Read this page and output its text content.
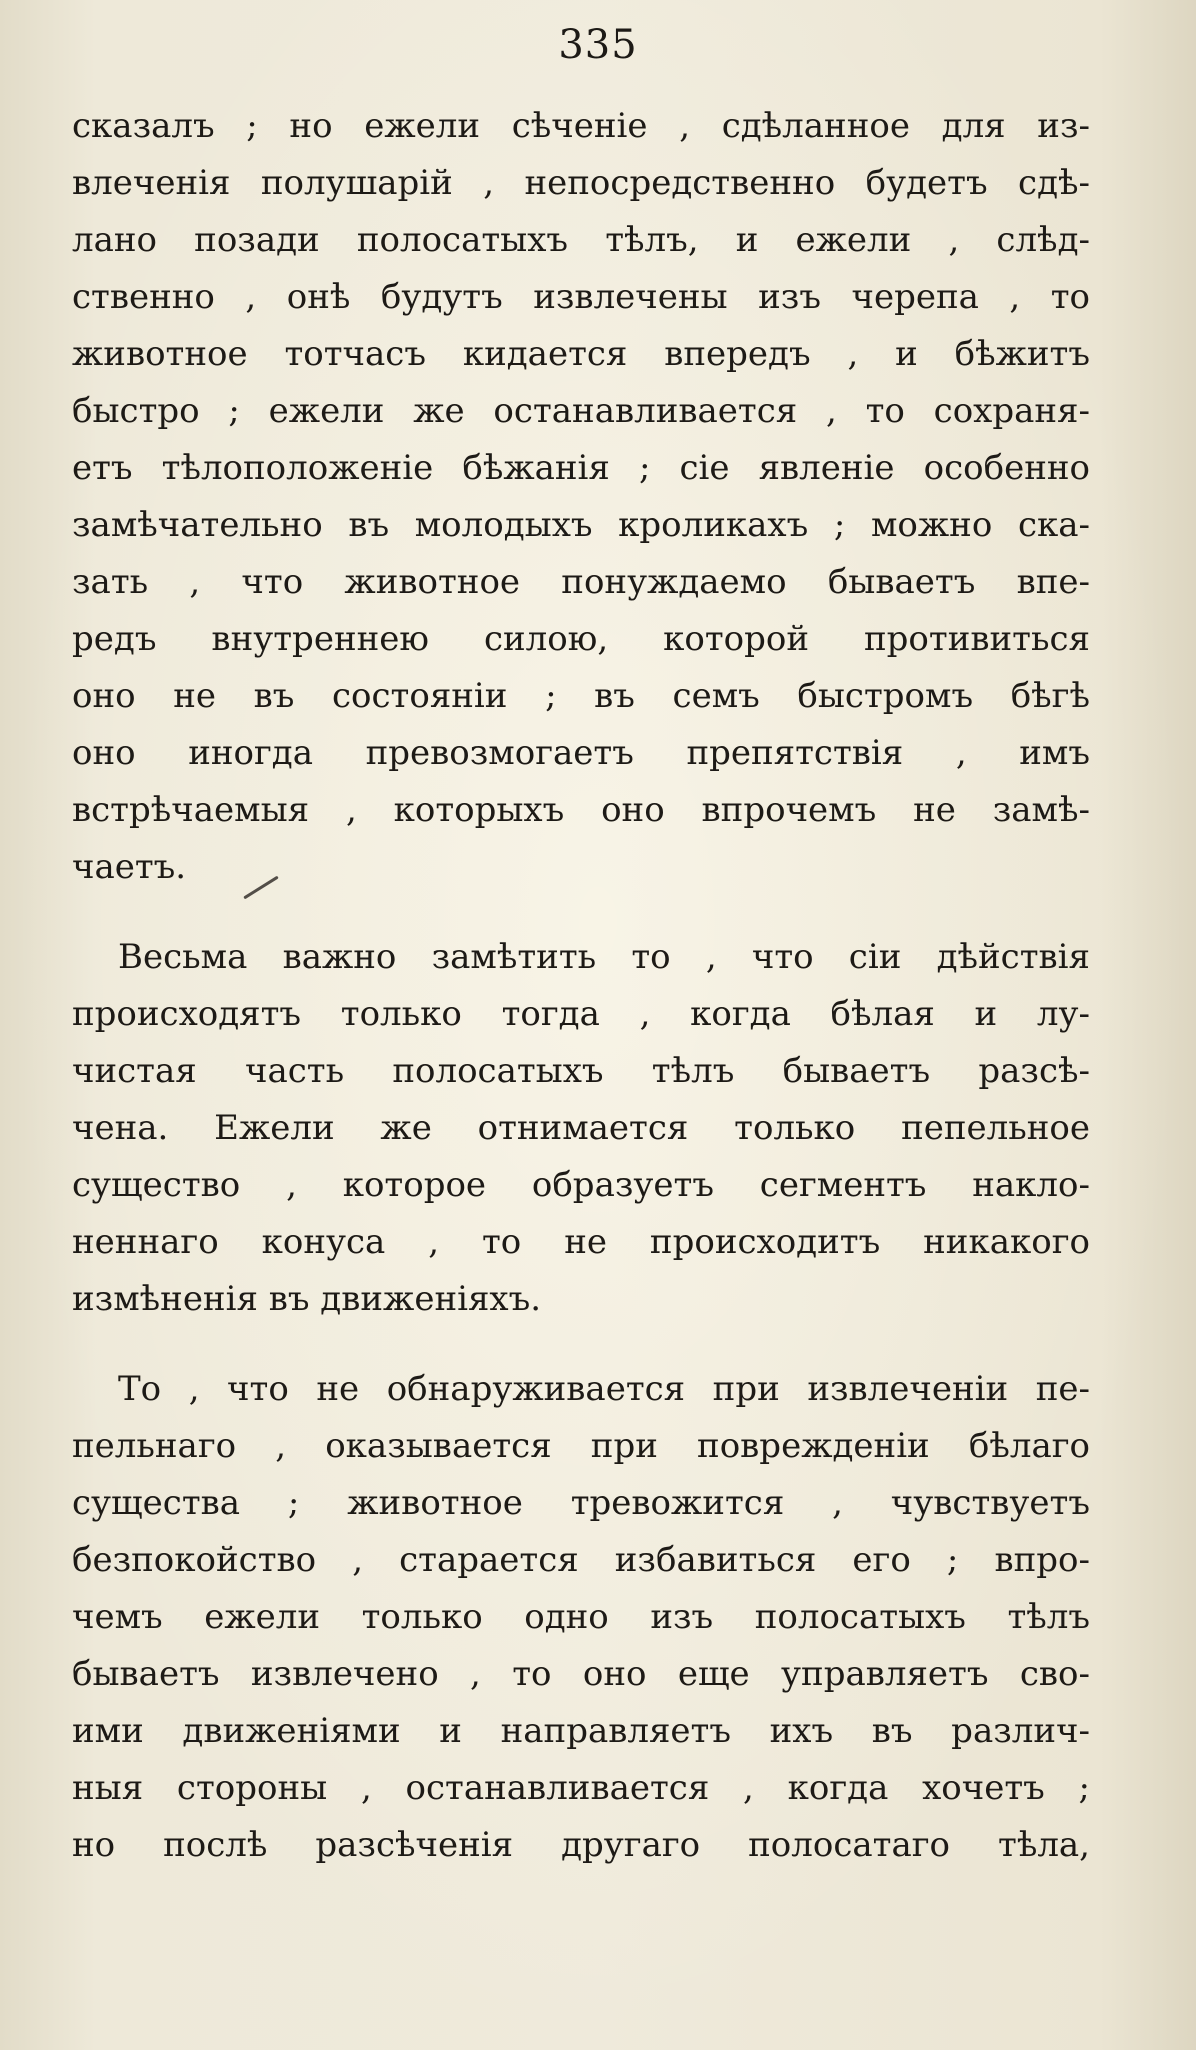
335
сказалъ ; но ежели сѣченіе , сдѣланное для из-
влеченія полушарій , непосредственно будетъ сдѣ-
лано позади полосатыхъ тѣлъ, и ежели , слѣд-
ственно , онѣ будутъ извлечены изъ черепа , то
животное тотчасъ кидается впередъ , и бѣжитъ
быстро ; ежели же останавливается , то сохраня-
етъ тѣлоположеніе бѣжанія ; сіе явленіе особенно
замѣчательно въ молодыхъ кроликахъ ; можно ска-
зать , что животное понуждаемо бываетъ впе-
редъ внутреннею силою, которой противиться
оно не въ состояніи ; въ семъ быстромъ бѣгѣ
оно иногда превозмогаетъ препятствія , имъ
встрѣчаемыя , которыхъ оно впрочемъ не замѣ-
чаетъ.
Весьма важно замѣтить то , что сіи дѣйствія
происходятъ только тогда , когда бѣлая и лу-
чистая часть полосатыхъ тѣлъ бываетъ разсѣ-
чена. Ежели же отнимается только пепельное
существо , которое образуетъ сегментъ накло-
неннаго конуса , то не происходитъ никакого
измѣненія въ движеніяхъ.
То , что не обнаруживается при извлеченіи пе-
пельнаго , оказывается при поврежденіи бѣлаго
существа ; животное тревожится , чувствуетъ
безпокойство , старается избавиться его ; впро-
чемъ ежели только одно изъ полосатыхъ тѣлъ
бываетъ извлечено , то оно еще управляетъ сво-
ими движеніями и направляетъ ихъ въ различ-
ныя стороны , останавливается , когда хочетъ ;
но послѣ разсѣченія другаго полосатаго тѣла,
